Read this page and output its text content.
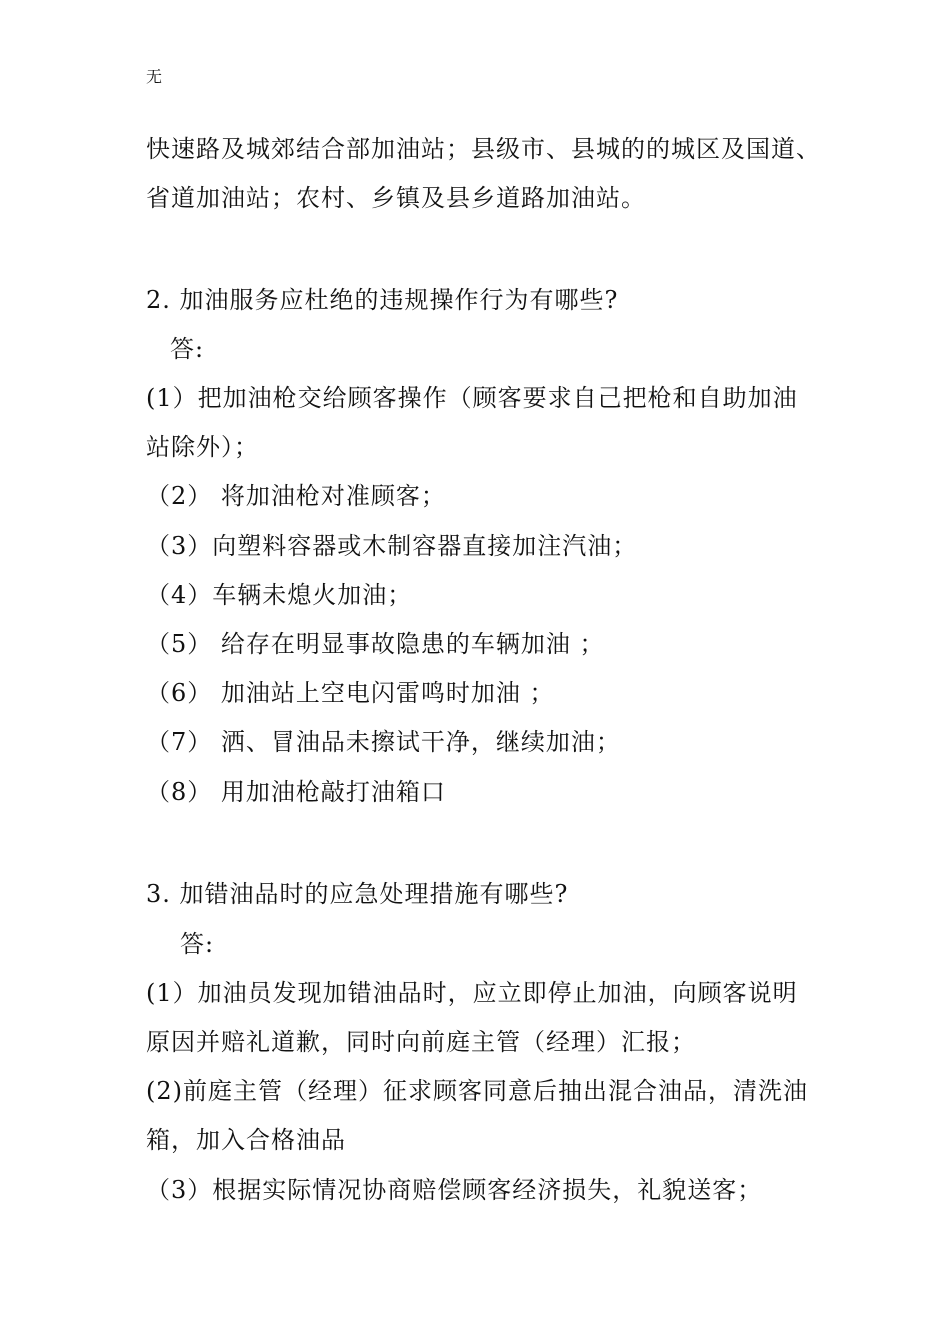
无
快速路及城郊结合部加油站；县级市、县城的的城区及国道、
省道加油站；农村、乡镇及县乡道路加油站。
2. 加油服务应杜绝的违规操作行为有哪些?
答:
(1）把加油枪交给顾客操作（顾客要求自己把枪和自助加油
站除外）；
（2） 将加油枪对准顾客；
（3）向塑料容器或木制容器直接加注汽油；
（4）车辆未熄火加油；
（5） 给存在明显事故隐患的车辆加油 ；
（6） 加油站上空电闪雷鸣时加油 ；
（7） 洒、冒油品未擦试干净，继续加油；
（8） 用加油枪敲打油箱口
3. 加错油品时的应急处理措施有哪些?
答:
(1）加油员发现加错油品时，应立即停止加油，向顾客说明
原因并赔礼道歉，同时向前庭主管（经理）汇报；
(2)前庭主管（经理）征求顾客同意后抽出混合油品，清洗油
箱，加入合格油品
（3）根据实际情况协商赔偿顾客经济损失，礼貌送客；
